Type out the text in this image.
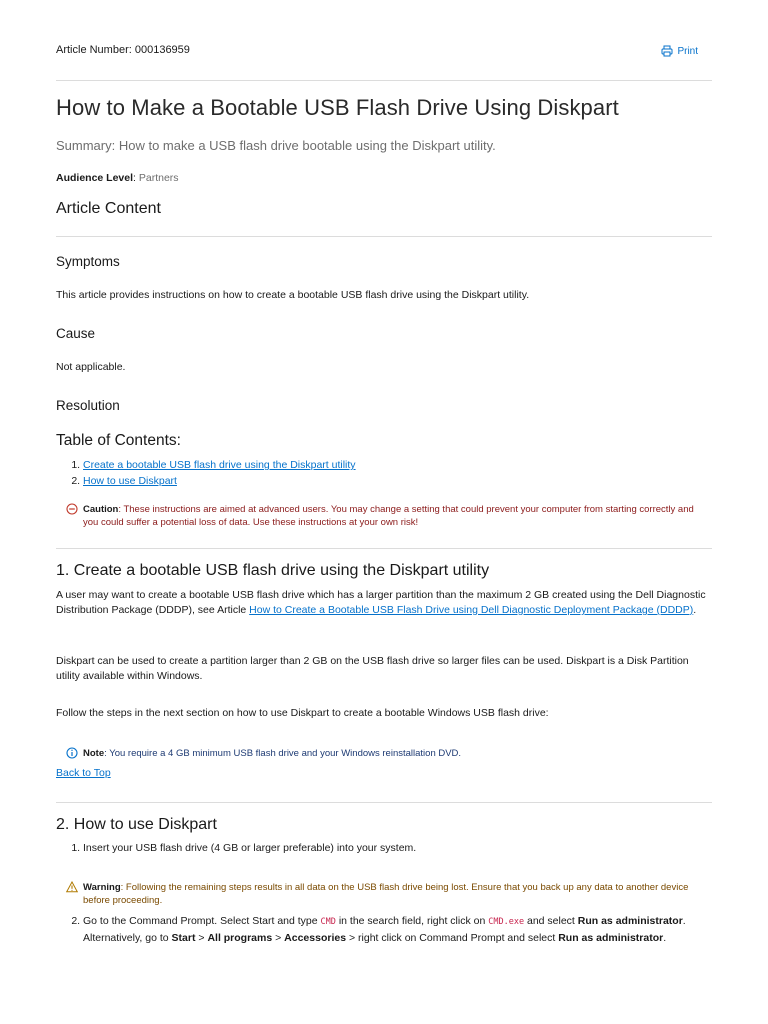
Article Number: 000136959	Print
How to Make a Bootable USB Flash Drive Using Diskpart
Summary: How to make a USB flash drive bootable using the Diskpart utility.
Audience Level: Partners
Article Content
Symptoms
This article provides instructions on how to create a bootable USB flash drive using the Diskpart utility.
Cause
Not applicable.
Resolution
Table of Contents:
1. Create a bootable USB flash drive using the Diskpart utility
2. How to use Diskpart
Caution: These instructions are aimed at advanced users. You may change a setting that could prevent your computer from starting correctly and you could suffer a potential loss of data. Use these instructions at your own risk!
1. Create a bootable USB flash drive using the Diskpart utility
A user may want to create a bootable USB flash drive which has a larger partition than the maximum 2 GB created using the Dell Diagnostic Distribution Package (DDDP), see Article How to Create a Bootable USB Flash Drive using Dell Diagnostic Deployment Package (DDDP).
Diskpart can be used to create a partition larger than 2 GB on the USB flash drive so larger files can be used. Diskpart is a Disk Partition utility available within Windows.
Follow the steps in the next section on how to use Diskpart to create a bootable Windows USB flash drive:
Note: You require a 4 GB minimum USB flash drive and your Windows reinstallation DVD.
Back to Top
2. How to use Diskpart
1. Insert your USB flash drive (4 GB or larger preferable) into your system.
Warning: Following the remaining steps results in all data on the USB flash drive being lost. Ensure that you back up any data to another device before proceeding.
2. Go to the Command Prompt. Select Start and type CMD in the search field, right click on CMD.exe and select Run as administrator. Alternatively, go to Start > All programs > Accessories > right click on Command Prompt and select Run as administrator.
